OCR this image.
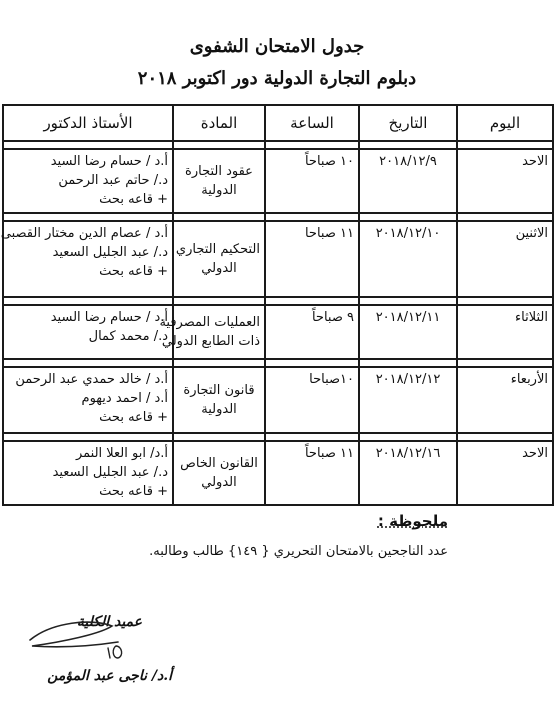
جدول الامتحان الشفوى
دبلوم التجارة الدولية دور اكتوبر ٢٠١٨
اليوم	التاريخ	الساعة	المادة	الأستاذ الدكتور

الاحد	٢٠١٨/١٢/٩	١٠ صباحاً	عقود التجارة
الدولية	أ.د / حسام رضا السيد
د./ حاتم عبد الرحمن
+ قاعه بحث

الاثنين	٢٠١٨/١٢/١٠	١١ صباحا	التحكيم التجاري
الدولي	أ.د / عصام الدين مختار القصبى
د./ عبد الجليل السعيد
+ قاعه بحث

الثلاثاء	٢٠١٨/١٢/١١	٩ صباحاً	العمليات المصرفية
ذات الطابع الدولي	أ.د / حسام رضا السيد
د./ محمد كمال

الأربعاء	٢٠١٨/١٢/١٢	١٠صباحا	قانون التجارة
الدولية	أ.د / خالد حمدي عبد الرحمن
أ.د / احمد ديهوم
+ قاعه بحث

الاحد	٢٠١٨/١٢/١٦	١١ صباحاً	القانون الخاص
الدولي	أ.د/ ابو العلا النمر
د./ عبد الجليل السعيد
+ قاعه بحث
ملحوظة :
عدد الناجحين بالامتحان التحريري { ١٤٩} طالب وطالبه.
عميد الكلية
أ.د/ ناجى عبد المؤمن
